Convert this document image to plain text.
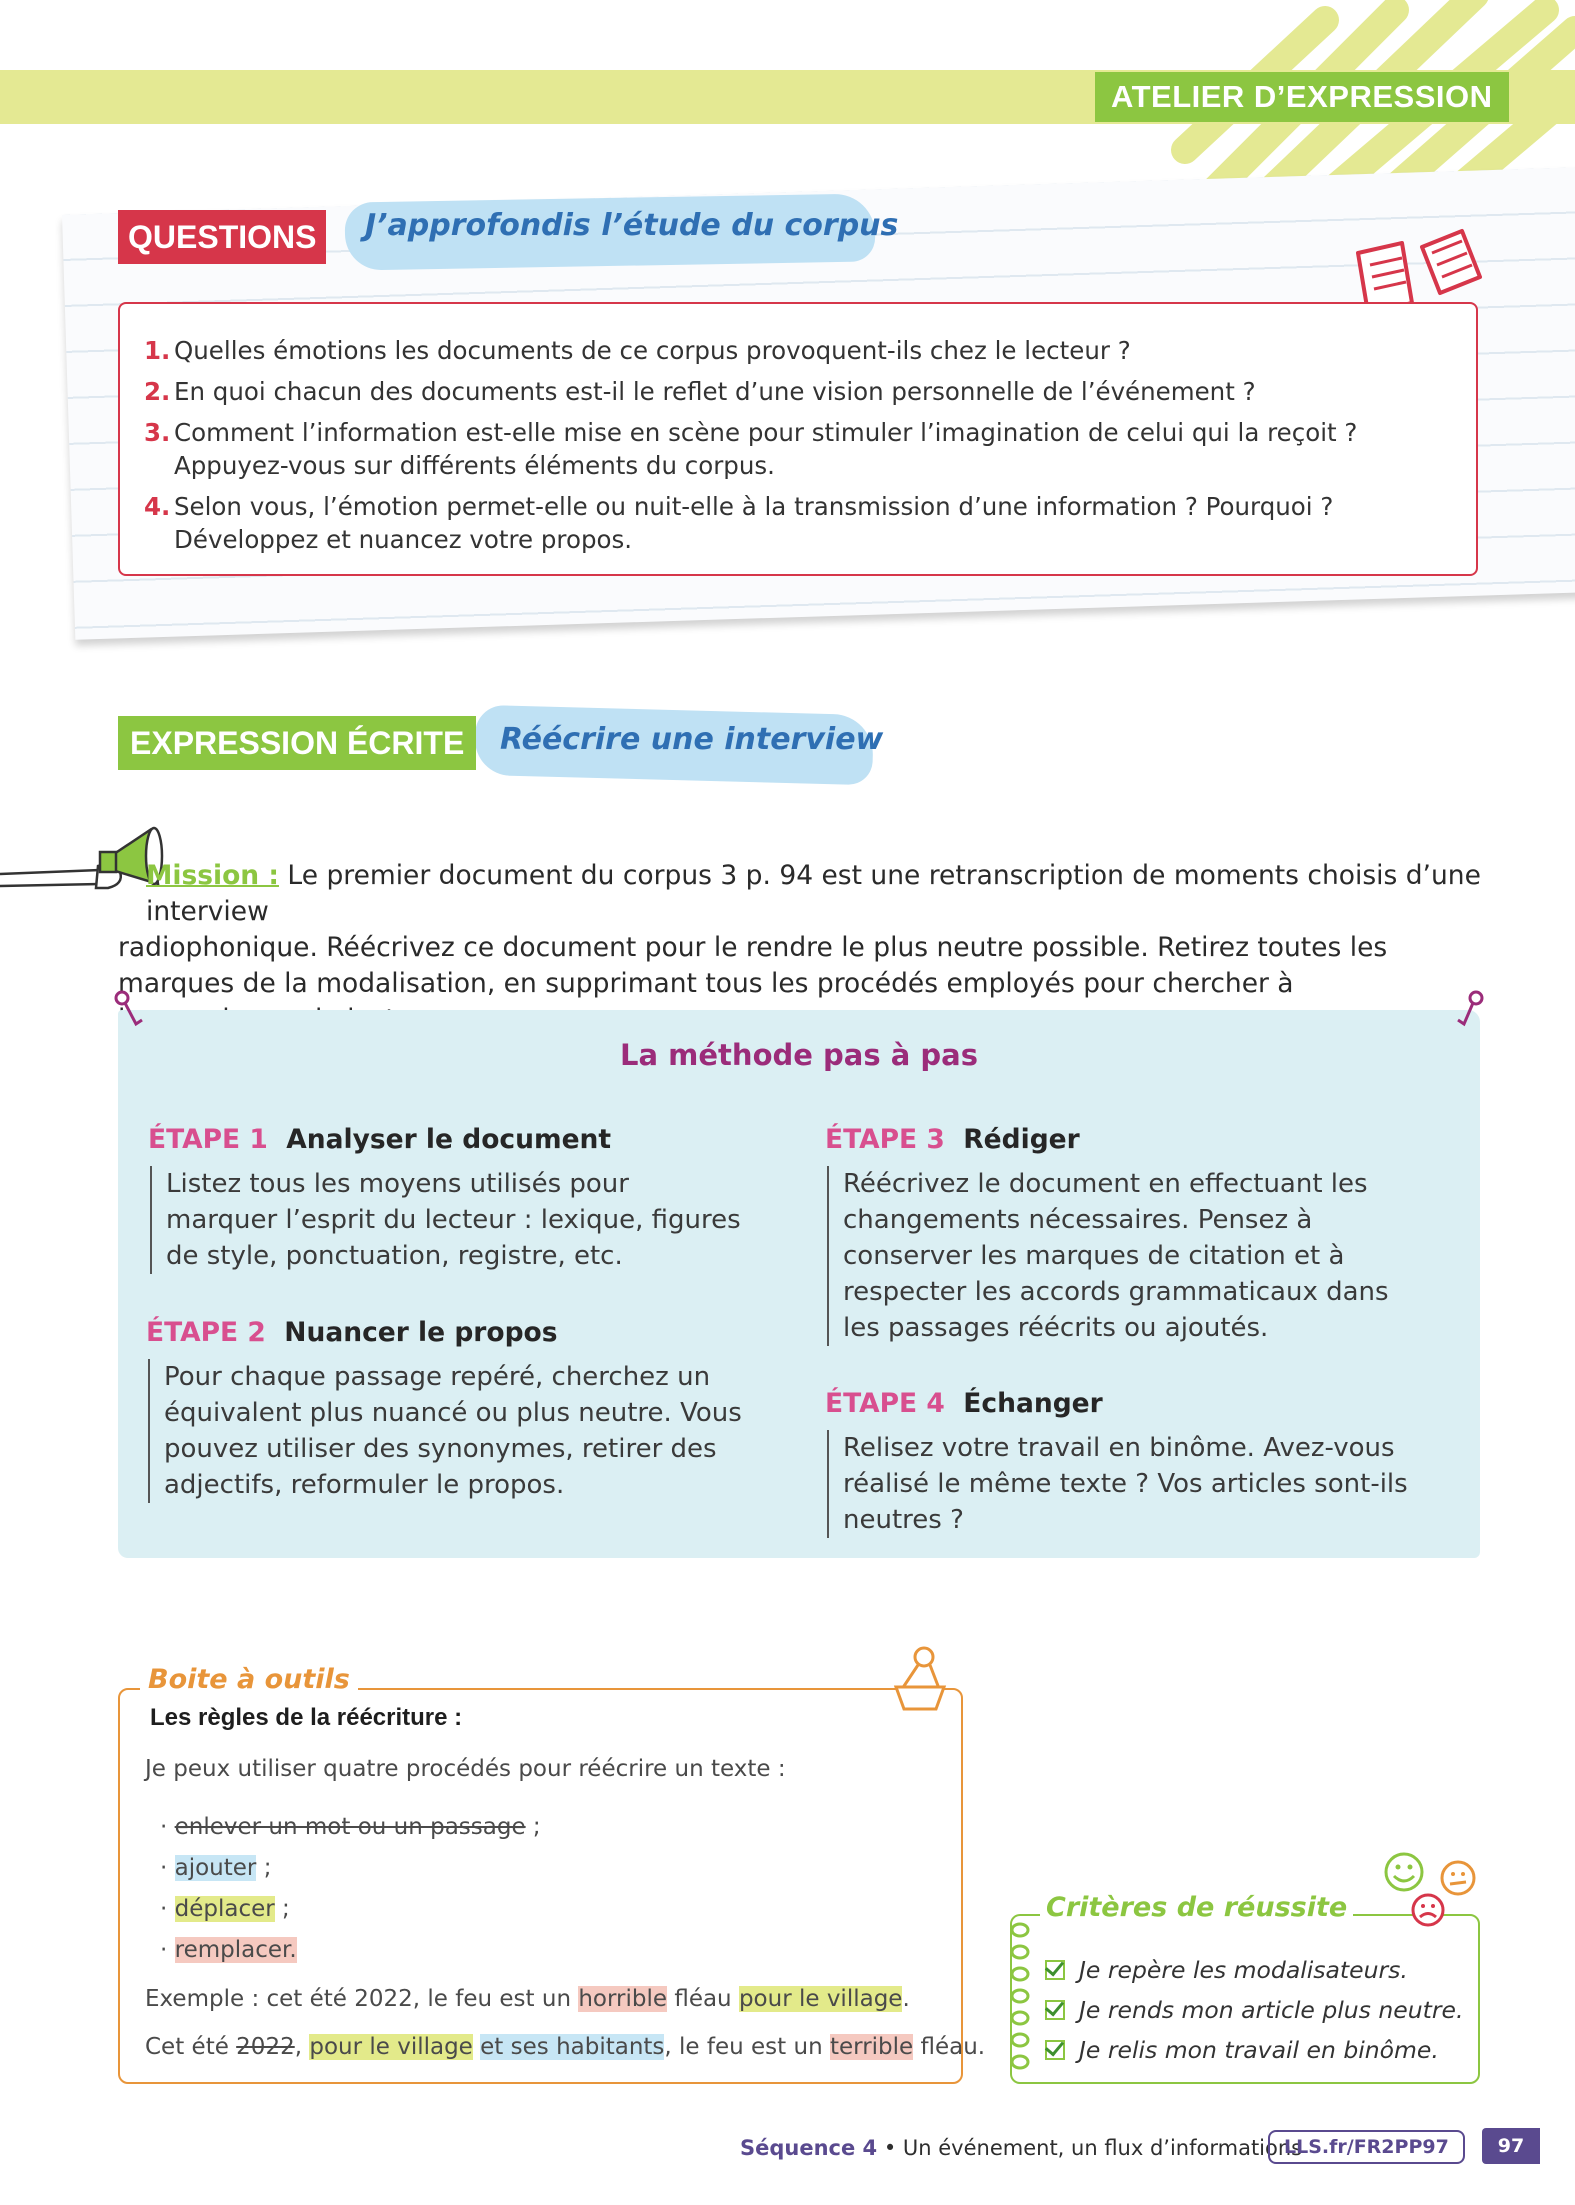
ATELIER D’EXPRESSION
QUESTIONS	J’approfondis l’étude du corpus
1. Quelles émotions les documents de ce corpus provoquent-ils chez le lecteur ?
2. En quoi chacun des documents est-il le reflet d’une vision personnelle de l’événement ?
3. Comment l’information est-elle mise en scène pour stimuler l’imagination de celui qui la reçoit ? Appuyez-vous sur différents éléments du corpus.
4. Selon vous, l’émotion permet-elle ou nuit-elle à la transmission d’une information ? Pourquoi ? Développez et nuancez votre propos.
EXPRESSION ÉCRITE	Réécrire une interview
Mission : Le premier document du corpus 3 p. 94 est une retranscription de moments choisis d’une interview
radiophonique. Réécrivez ce document pour le rendre le plus neutre possible. Retirez toutes les marques de la modalisation, en supprimant tous les procédés employés pour chercher à
La méthode pas à pas
ÉTAPE 1 Analyser le document
Listez tous les moyens utilisés pour marquer l’esprit du lecteur : lexique, figures de style, ponctuation, registre, etc.
ÉTAPE 2 Nuancer le propos
Pour chaque passage repéré, cherchez un équivalent plus nuancé ou plus neutre. Vous pouvez utiliser des synonymes, retirer des adjectifs, reformuler le propos.
ÉTAPE 3 Rédiger
Réécrivez le document en effectuant les changements nécessaires. Pensez à conserver les marques de citation et à respecter les accords grammaticaux dans les passages réécrits ou ajoutés.
ÉTAPE 4 Échanger
Relisez votre travail en binôme. Avez-vous réalisé le même texte ? Vos articles sont-ils neutres ?
Boite à outils
Les règles de la réécriture :
Je peux utiliser quatre procédés pour réécrire un texte :
· enlever un mot ou un passage ;
· ajouter ;
· déplacer ;
· remplacer.
Exemple : cet été 2022, le feu est un horrible fléau pour le village.
Cet été 2022, pour le village et ses habitants, le feu est un terrible fléau.
Critères de réussite
Je repère les modalisateurs.
Je rends mon article plus neutre.
Je relis mon travail en binôme.
Séquence 4 • Un événement, un flux d’informations
LLS.fr/FR2PP97	97
